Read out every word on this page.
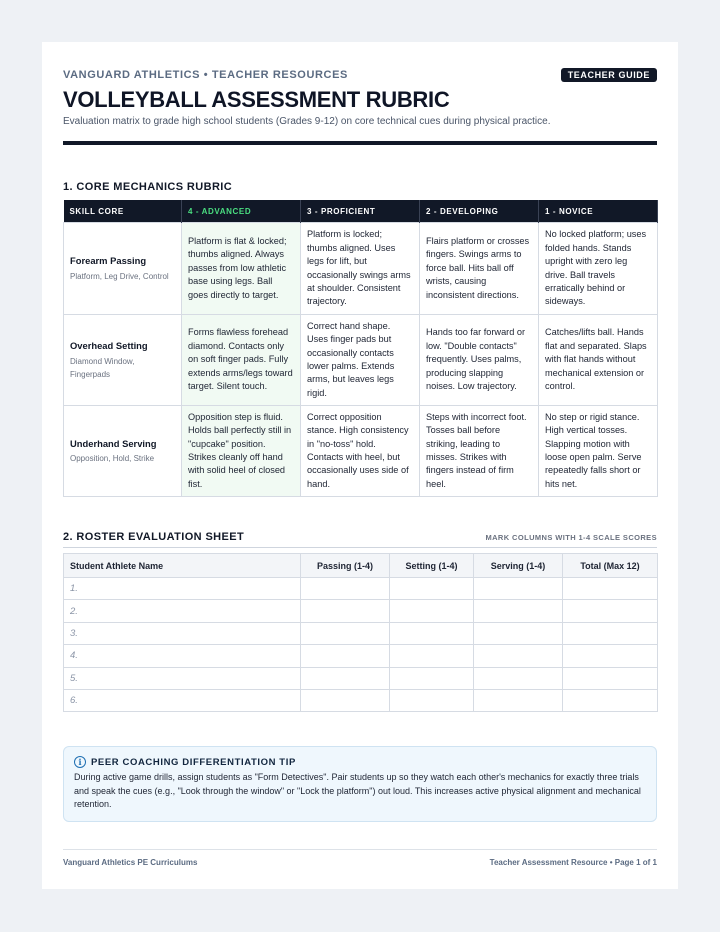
VANGUARD ATHLETICS • TEACHER RESOURCES	TEACHER GUIDE
VOLLEYBALL ASSESSMENT RUBRIC
Evaluation matrix to grade high school students (Grades 9-12) on core technical cues during physical practice.
1. CORE MECHANICS RUBRIC
SKILL CORE	4 - ADVANCED	3 - PROFICIENT	2 - DEVELOPING	1 - NOVICE

Forearm Passing
Platform, Leg Drive, Control	Platform is flat & locked; thumbs aligned. Always passes from low athletic base using legs. Ball goes directly to target.	Platform is locked; thumbs aligned. Uses legs for lift, but occasionally swings arms at shoulder. Consistent trajectory.	Flairs platform or crosses fingers. Swings arms to force ball. Hits ball off wrists, causing inconsistent directions.	No locked platform; uses folded hands. Stands upright with zero leg drive. Ball travels erratically behind or sideways.

Overhead Setting
Diamond Window, Fingerpads	Forms flawless forehead diamond. Contacts only on soft finger pads. Fully extends arms/legs toward target. Silent touch.	Correct hand shape. Uses finger pads but occasionally contacts lower palms. Extends arms, but leaves legs rigid.	Hands too far forward or low. "Double contacts" frequently. Uses palms, producing slapping noises. Low trajectory.	Catches/lifts ball. Hands flat and separated. Slaps with flat hands without mechanical extension or control.

Underhand Serving
Opposition, Hold, Strike	Opposition step is fluid. Holds ball perfectly still in "cupcake" position. Strikes cleanly off hand with solid heel of closed fist.	Correct opposition stance. High consistency in "no-toss" hold. Contacts with heel, but occasionally uses side of hand.	Steps with incorrect foot. Tosses ball before striking, leading to misses. Strikes with fingers instead of firm heel.	No step or rigid stance. High vertical tosses. Slapping motion with loose open palm. Serve repeatedly falls short or hits net.
2. ROSTER EVALUATION SHEET	MARK COLUMNS WITH 1-4 SCALE SCORES
Student Athlete Name	Passing (1-4)	Setting (1-4)	Serving (1-4)	Total (Max 12)
1.				
2.				
3.				
4.				
5.				
6.				
i PEER COACHING DIFFERENTIATION TIP
During active game drills, assign students as "Form Detectives". Pair students up so they watch each other's mechanics for exactly three trials and speak the cues (e.g., "Look through the window" or "Lock the platform") out loud. This increases active physical alignment and mechanical retention.
Vanguard Athletics PE Curriculums	Teacher Assessment Resource • Page 1 of 1
